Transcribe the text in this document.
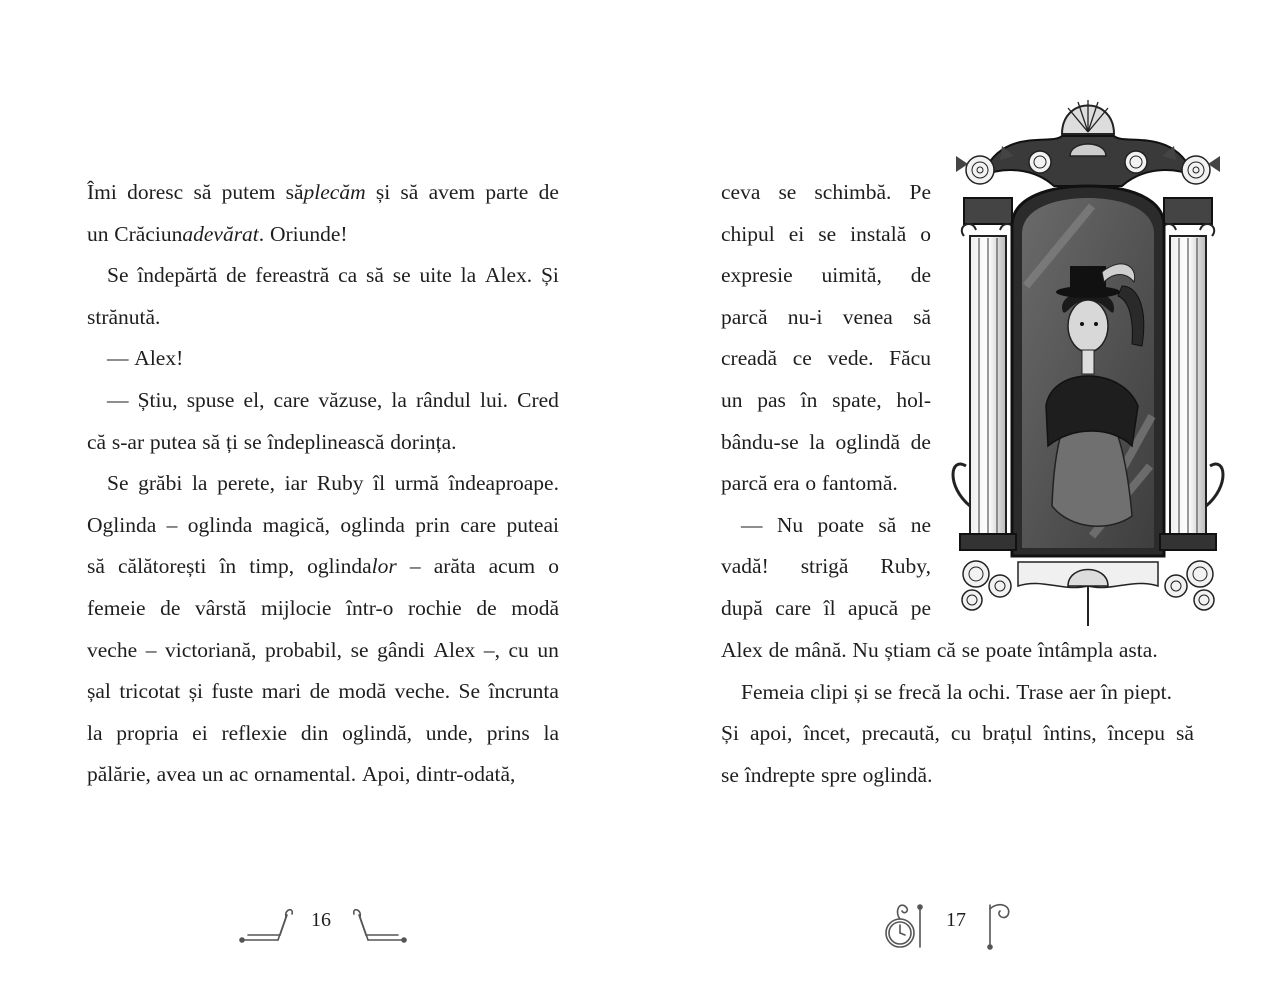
Îmi doresc să putem săplecăm și să avem parte de
un Crăciunadevărat. Oriunde!
Se îndepărtă de fereastră ca să se uite la Alex. Și
strănută.
— Alex!
— Știu, spuse el, care văzuse, la rândul lui. Cred
că s-ar putea să ți se îndeplinească dorința.
Se grăbi la perete, iar Ruby îl urmă îndeaproape.
Oglinda – oglinda magică, oglinda prin care puteai
să călătorești în timp, oglindalor – arăta acum o
femeie de vârstă mijlocie într-o rochie de modă
veche – victoriană, probabil, se gândi Alex –, cu un
șal tricotat și fuste mari de modă veche. Se încrunta
la propria ei reflexie din oglindă, unde, prins la
pălărie, avea un ac ornamental. Apoi, dintr-odată,
16
ceva se schimbă. Pe
chipul ei se instală o
expresie uimită, de
parcă nu-i venea să
creadă ce vede. Făcu
un pas în spate, hol-
bându-se la oglindă de
parcă era o fantomă.
— Nu poate să ne
vadă! strigă Ruby,
după care îl apucă pe
Alex de mână. Nu știam că se poate întâmpla asta.
Femeia clipi și se frecă la ochi. Trase aer în piept.
Și apoi, încet, precaută, cu brațul întins, începu să
se îndrepte spre oglindă.
17
